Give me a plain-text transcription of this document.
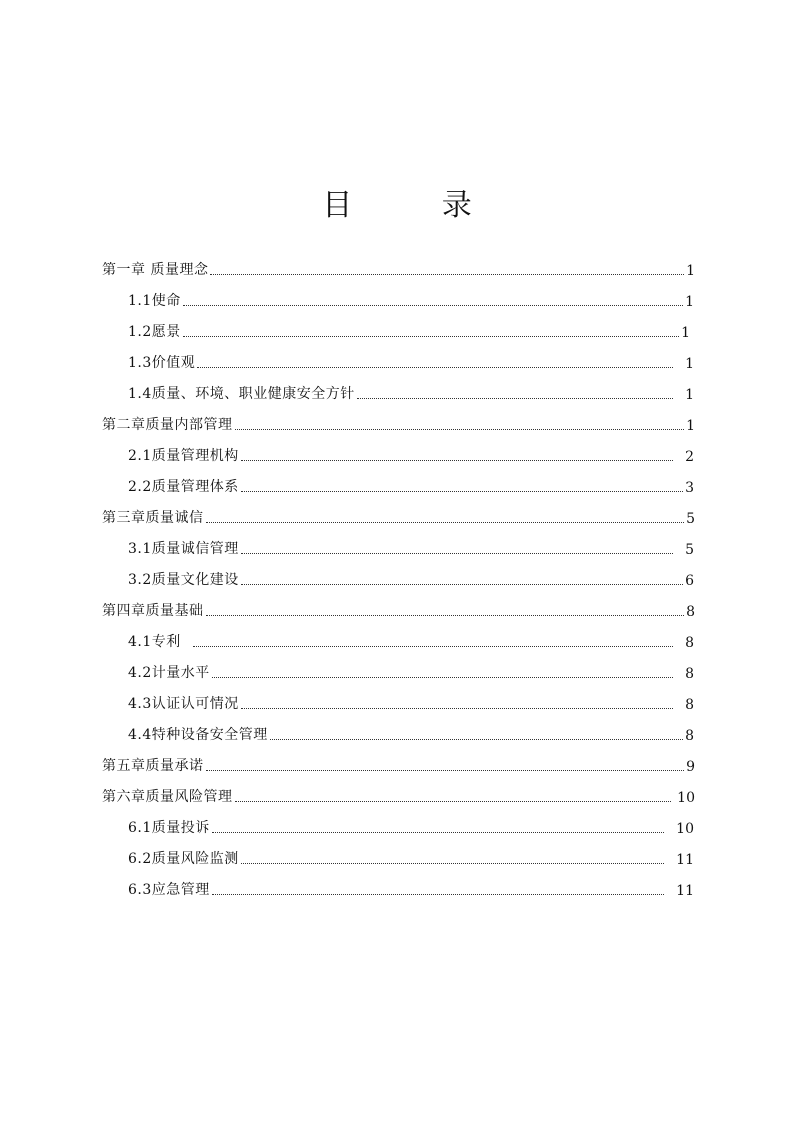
目 录
第一章 质量理念	1
1.1使命	1
1.2愿景	1
1.3价值观	1
1.4质量、环境、职业健康安全方针	1
第二章质量内部管理	1
2.1质量管理机构	2
2.2质量管理体系	3
第三章质量诚信	5
3.1质量诚信管理	5
3.2质量文化建设	6
第四章质量基础	8
4.1专利	8
4.2计量水平	8
4.3认证认可情况	8
4.4特种设备安全管理	8
第五章质量承诺	9
第六章质量风险管理	10
6.1质量投诉	10
6.2质量风险监测	11
6.3应急管理	11
